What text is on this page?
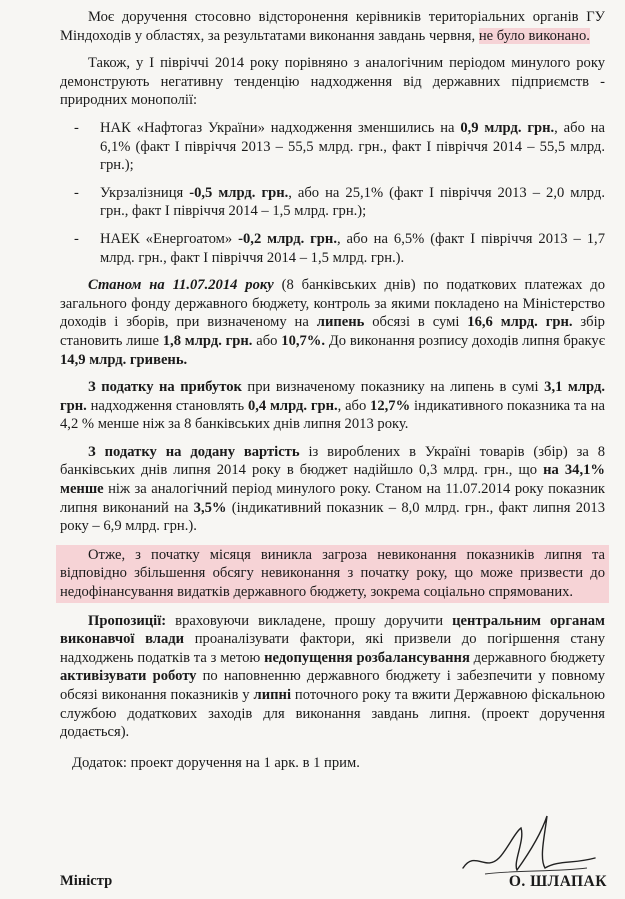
Моє доручення стосовно відсторонення керівників територіальних органів ГУ Міндоходів у областях, за результатами виконання завдань червня, не було виконано.

Також, у I півріччі 2014 року порівняно з аналогічним періодом минулого року демонструють негативну тенденцію надходження від державних підприємств - природних монополії:

- НАК «Нафтогаз України» надходження зменшились на 0,9 млрд. грн., або на 6,1% (факт I півріччя 2013 – 55,5 млрд. грн., факт I півріччя 2014 – 55,5 млрд. грн.);

- Укрзалізниця -0,5 млрд. грн., або на 25,1% (факт I півріччя 2013 – 2,0 млрд. грн., факт I півріччя 2014 – 1,5 млрд. грн.);

- НАЕК «Енергоатом» -0,2 млрд. грн., або на 6,5% (факт I півріччя 2013 – 1,7 млрд. грн., факт I півріччя 2014 – 1,5 млрд. грн.).

Станом на 11.07.2014 року (8 банківських днів) по податкових платежах до загального фонду державного бюджету, контроль за якими покладено на Міністерство доходів і зборів, при визначеному на липень обсязі в сумі 16,6 млрд. грн. збір становить лише 1,8 млрд. грн. або 10,7%. До виконання розпису доходів липня бракує 14,9 млрд. гривень.

З податку на прибуток при визначеному показнику на липень в сумі 3,1 млрд. грн. надходження становлять 0,4 млрд. грн., або 12,7% індикативного показника та на 4,2 % менше ніж за 8 банківських днів липня 2013 року.

З податку на додану вартість із вироблених в Україні товарів (збір) за 8 банківських днів липня 2014 року в бюджет надійшло 0,3 млрд. грн., що на 34,1% менше ніж за аналогічний період минулого року. Станом на 11.07.2014 року показник липня виконаний на 3,5% (індикативний показник – 8,0 млрд. грн., факт липня 2013 року – 6,9 млрд. грн.).

Отже, з початку місяця виникла загроза невиконання показників липня та відповідно збільшення обсягу невиконання з початку року, що може призвести до недофінансування видатків державного бюджету, зокрема соціально спрямованих.

Пропозиції: враховуючи викладене, прошу доручити центральним органам виконавчої влади проаналізувати фактори, які призвели до погіршення стану надходжень податків та з метою недопущення розбалансування державного бюджету активізувати роботу по наповненню державного бюджету і забезпечити у повному обсязі виконання показників у липні поточного року та вжити Державною фіскальною службою додаткових заходів для виконання завдань липня. (проект доручення додається).

Додаток: проект доручення на 1 арк. в 1 прим.
Міністр	О. ШЛАПАК
